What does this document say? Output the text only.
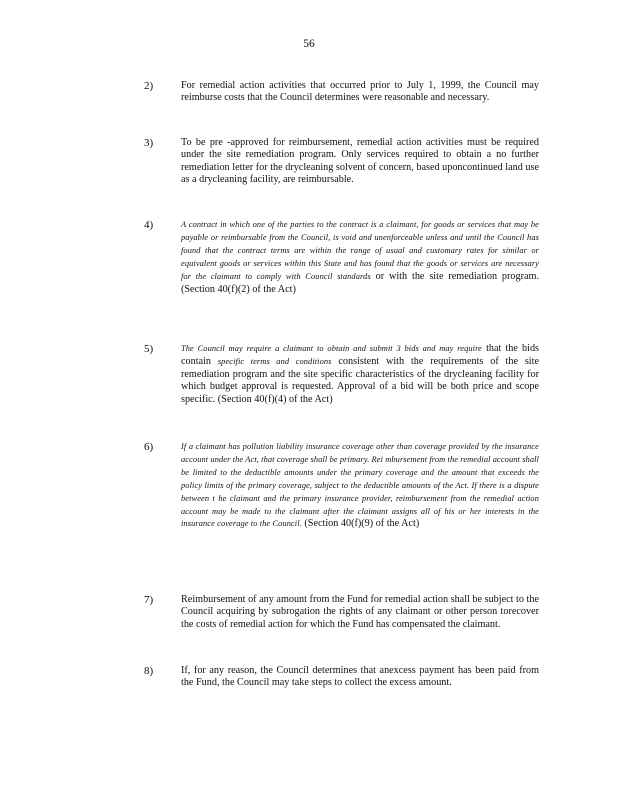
56
2)	For remedial action activities that occurred prior to July 1, 1999, the Council may reimburse costs that the Council determines were reasonable and necessary.
3)	To be pre -approved for reimbursement, remedial action activities must be required under the site remediation program. Only services required to obtain a no further remediation letter for the drycleaning solvent of concern, based uponcontinued land use as a drycleaning facility, are reimbursable.
4)	A contract in which one of the parties to the contract is a claimant, for goods or services that may be payable or reimbursable from the Council, is void and unenforceable unless and until the Council has found that the contract terms are within the range of usual and customary rates for similar or equivalent goods or services within this State and has found that the goods or services are necessary for the claimant to comply with Council standards or with the site remediation program. (Section 40(f)(2) of the Act)
5)	The Council may require a claimant to obtain and submit 3 bids and may require that the bids contain specific terms and conditions consistent with the requirements of the site remediation program and the site specific characteristics of the drycleaning facility for which budget approval is requested. Approval of a bid will be both price and scope specific. (Section 40(f)(4) of the Act)
6)	If a claimant has pollution liability insurance coverage other than coverage provided by the insurance account under the Act, that coverage shall be primary. Rei mbursement from the remedial account shall be limited to the deductible amounts under the primary coverage and the amount that exceeds the policy limits of the primary coverage, subject to the deductible amounts of the Act. If there is a dispute between t he claimant and the primary insurance provider, reimbursement from the remedial action account may be made to the claimant after the claimant assigns all of his or her interests in the insurance coverage to the Council. (Section 40(f)(9) of the Act)
7)	Reimbursement of any amount from the Fund for remedial action shall be subject to the Council acquiring by subrogation the rights of any claimant or other person torecover the costs of remedial action for which the Fund has compensated the claimant.
8)	If, for any reason, the Council determines that anexcess payment has been paid from the Fund, the Council may take steps to collect the excess amount.
